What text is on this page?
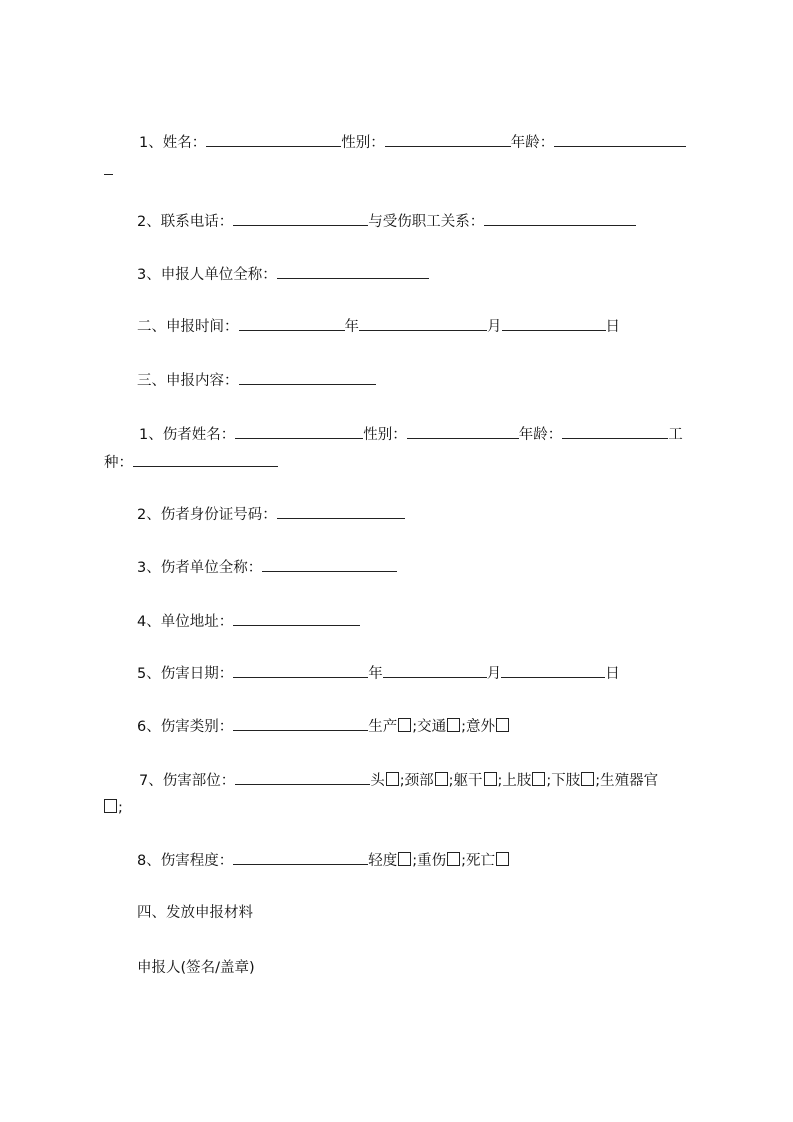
1、姓名：	性别：	年龄：
2、联系电话：	与受伤职工关系：
3、申报人单位全称：
二、申报时间：	年	月	日
三、申报内容：
1、伤者姓名：	性别：	年龄：	工
种：
2、伤者身份证号码：
3、伤者单位全称：
4、单位地址：
5、伤害日期：	年	月	日
6、伤害类别：	生产 ;交通 ;意外
7、伤害部位：	头 ;颈部 ;躯干 ;上肢 ;下肢 ;生殖器官
;
8、伤害程度：	轻度 ;重伤 ;死亡
四、发放申报材料
申报人(签名/盖章)
